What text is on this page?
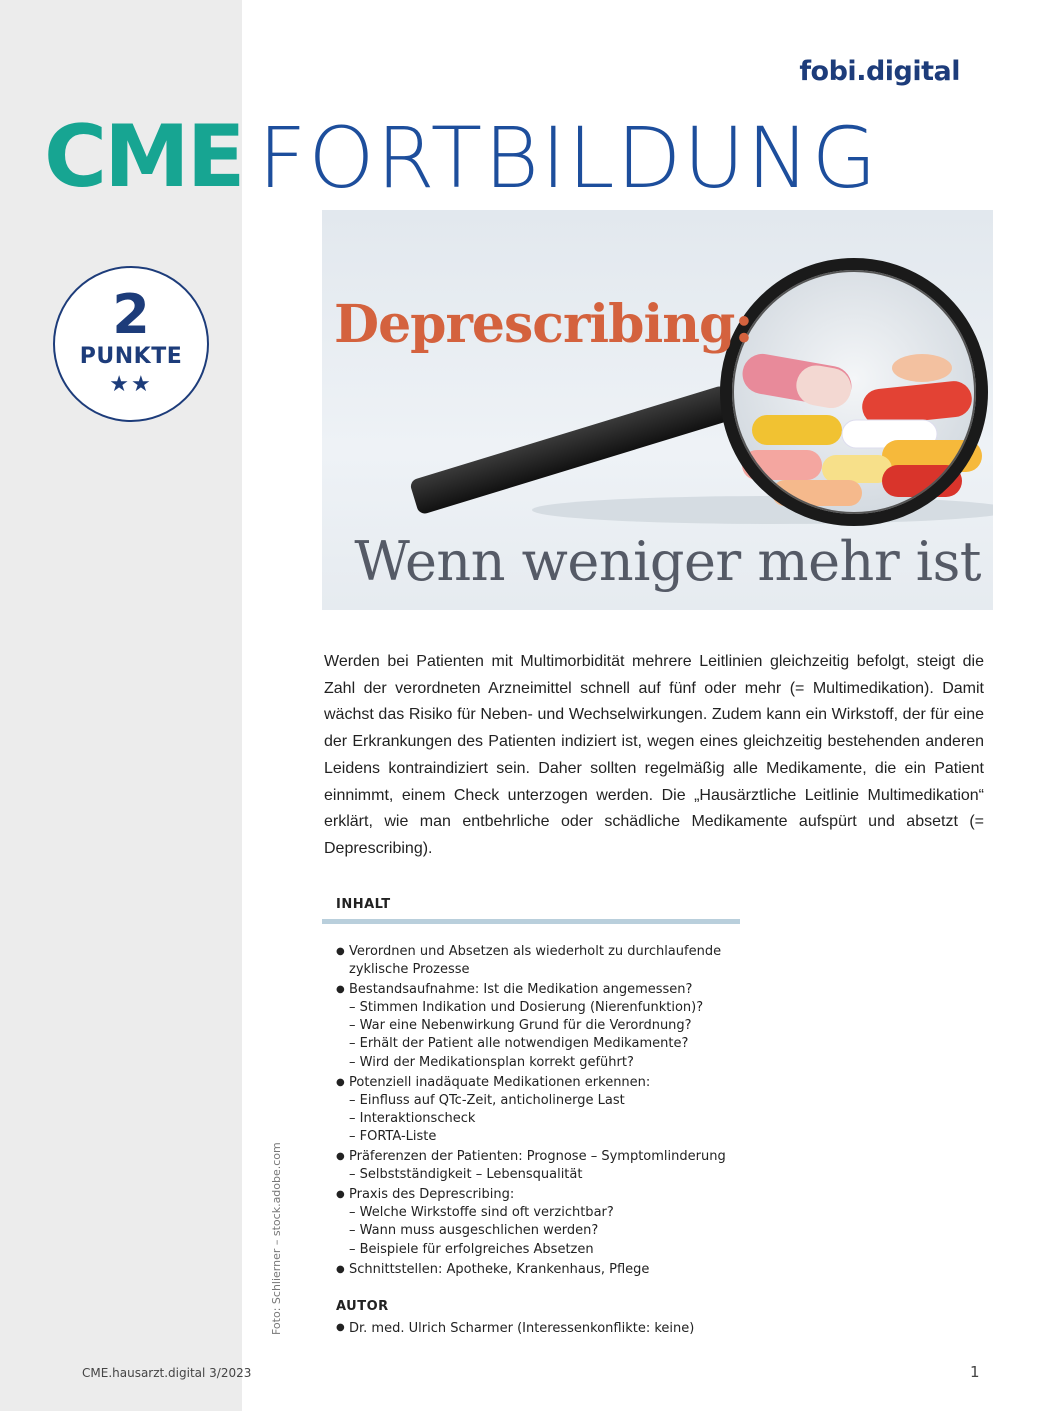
fobi.digital
CME FORTBILDUNG
2
PUNKTE
★★
Deprescribing:
Wenn weniger mehr ist
Werden bei Patienten mit Multimorbidität mehrere Leitlinien gleichzeitig befolgt, steigt die Zahl der verordneten Arzneimittel schnell auf fünf oder mehr (= Multimedikation). Damit wächst das Risiko für Neben- und Wechselwirkungen. Zudem kann ein Wirkstoff, der für eine der Erkrankungen des Patienten indiziert ist, wegen eines gleichzeitig bestehenden anderen Leidens kontraindiziert sein. Daher sollten regelmäßig alle Medikamente, die ein Patient einnimmt, einem Check unterzogen werden. Die „Hausärztliche Leitlinie Multimedikation“ erklärt, wie man entbehrliche oder schädliche Medikamente aufspürt und absetzt (= Deprescribing).
INHALT
● Verordnen und Absetzen als wiederholt zu durchlaufende zyklische Prozesse
● Bestandsaufnahme: Ist die Medikation angemessen?
– Stimmen Indikation und Dosierung (Nierenfunktion)?
– War eine Nebenwirkung Grund für die Verordnung?
– Erhält der Patient alle notwendigen Medikamente?
– Wird der Medikationsplan korrekt geführt?
● Potenziell inadäquate Medikationen erkennen:
– Einfluss auf QTc-Zeit, anticholinerge Last
– Interaktionscheck
– FORTA-Liste
● Präferenzen der Patienten: Prognose – Symptomlinderung
– Selbstständigkeit – Lebensqualität
● Praxis des Deprescribing:
– Welche Wirkstoffe sind oft verzichtbar?
– Wann muss ausgeschlichen werden?
– Beispiele für erfolgreiches Absetzen
● Schnittstellen: Apotheke, Krankenhaus, Pflege
AUTOR
● Dr. med. Ulrich Scharmer (Interessenkonflikte: keine)
Foto: Schlierner – stock.adobe.com
CME.hausarzt.digital 3/2023	1
